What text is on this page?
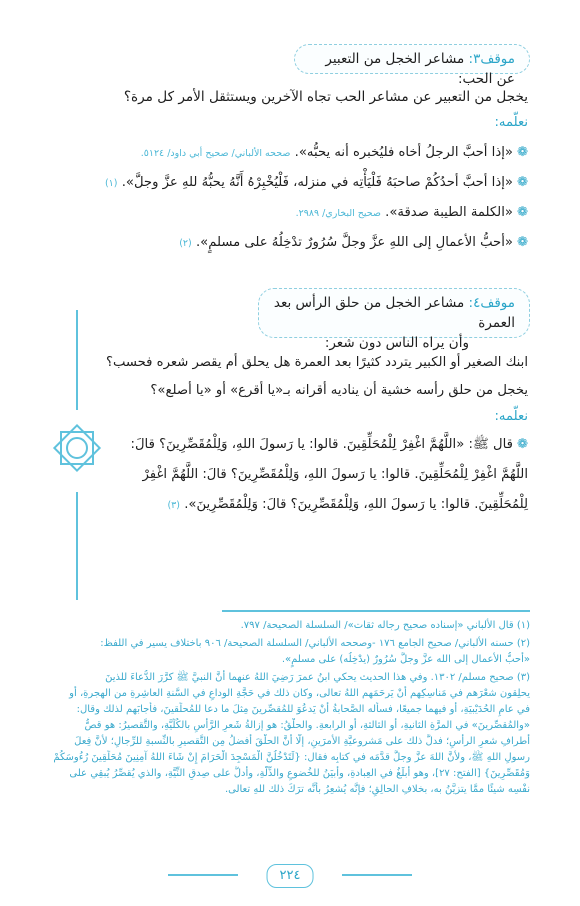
موقف٣: مشاعر الخجل من التعبير عن الحب:
يخجل من التعبير عن مشاعر الحب تجاه الآخرين ويستثقل الأمر كل مرة؟
نعلّمه:
❁«إذا أحبَّ الرجلُ أخاه فليُخبره أنه يحبُّه». صححه الألباني/ صحيح أبي داود/ ٥١٢٤.
❁«إذا أحبَّ أحدُكُمْ صاحبَهُ فَلْيَأْتِه في منزله، فَلْيُخْبِرْهُ أَنَّهُ يحبُّهُ للهِ عزَّ وجلَّ». (١)
❁«الكلمة الطيبة صدقة». صحيح البخاري/ ٢٩٨٩.
❁«أحبُّ الأعمالِ إلى اللهِ عزَّ وجلَّ سُرُورٌ تدْخِلُهُ على مسلمٍ». (٢)
موقف٤: مشاعر الخجل من حلق الرأس بعد العمرة
وأن يراه الناس دون شعر:
ابنك الصغير أو الكبير يتردد كثيرًا بعد العمرة هل يحلق أم يقصر شعره فحسب؟
يخجل من حلق رأسه خشية أن يناديه أقرانه بـ«يا أقرع» أو «يا أصلع»؟
نعلّمه:
❁قال ﷺ: «اللَّهُمَّ اغْفِرْ لِلْمُحَلِّقِينَ. قالوا: يا رَسولَ اللهِ، وَلِلْمُقَصِّرِينَ؟ قالَ:
اللَّهُمَّ اغْفِرْ لِلْمُحَلِّقِينَ. قالوا: يا رَسولَ اللهِ، وَلِلْمُقَصِّرِينَ؟ قالَ: اللَّهُمَّ اغْفِرْ
لِلْمُحَلِّقِينَ. قالوا: يا رَسولَ اللهِ، وَلِلْمُقَصِّرِينَ؟ قالَ: وَلِلْمُقَصِّرِينَ». (٣)
(١) قال الألباني «إسناده صحيح رجاله ثقات»/ السلسلة الصحيحة/ ٧٩٧.
(٢) حسنه الألباني/ صحيح الجامع ١٧٦ -وصححه الألباني/ السلسلة الصحيحة/ ٩٠٦ باختلاف يسير في اللفظ:
«أحبُّ الأعمال إلى الله عزَّ وجلَّ سُرُورٌ (يدْخِلُه) على مسلمٍ».
(٣) صحيح مسلم/ ١٣٠٢. وفي هذا الحديث يحكي ابنُ عمرَ رَضِيَ اللهُ عنهما أنَّ النبيَّ ﷺ كرَّرَ الدُّعاءَ للذينَ
يحلِقون شعْرَهم في مَناسِكِهم أنْ يَرحَمَهم اللهُ تعالى، وكان ذلك في حَجَّةِ الوداعِ في السَّنةِ العاشِرةِ من الهجرةِ، أو
في عامِ الحُدَيْبيَةِ، أو فيهما جميعًا، فسأله الصَّحابةُ أنْ يَدعُوَ للمُقصِّرينَ مِثلَ ما دعا للمُحلِّقينَ، فأجابَهم لذلك وقال:
«والمُقصِّرينَ» في المرَّةِ الثانيةِ، أو الثالثةِ، أو الرابعةِ. والحلْقُ: هو إزالةُ شَعرِ الرَّأسِ بالكُلِّيَّةِ، والتَّقصيرُ: هو قصُّ
أطرافِ شعرِ الرأسِ؛ فدلَّ ذلك على مَشروعيَّةِ الأمرَينِ، إلَّا أنَّ الحلْقَ أفضلُ مِن التَّقصيرِ بالنِّسبةِ للرِّجالِ؛ لأنَّ فِعلَ
رسولِ اللهِ ﷺ، ولأنَّ اللهَ عزَّ وجلَّ قدَّمَه في كتابِه فقال: {لَتَدْخُلُنَّ الْمَسْجِدَ الْحَرَامَ إِنْ شَاءَ اللهُ آمِنِينَ مُحَلِّقِينَ رُءُوسَكُمْ
وَمُقَصِّرِينَ} [الفتح: ٢٧]، وهو أبلَغُ في العِبادةِ، وأَبيَنُ للخُضوعِ والذِّلَّةِ، وأدلُّ على صِدقِ النِّيَّةِ، والذي يُقصِّرُ يُبقِي على
نفْسِه شيئًا ممَّا يتزيَّنُ به، بخلافِ الحالِقِ؛ فإنَّه يُشعِرُ بأنَّه ترَكَ ذلك للهِ تعالى.
٢٢٤
